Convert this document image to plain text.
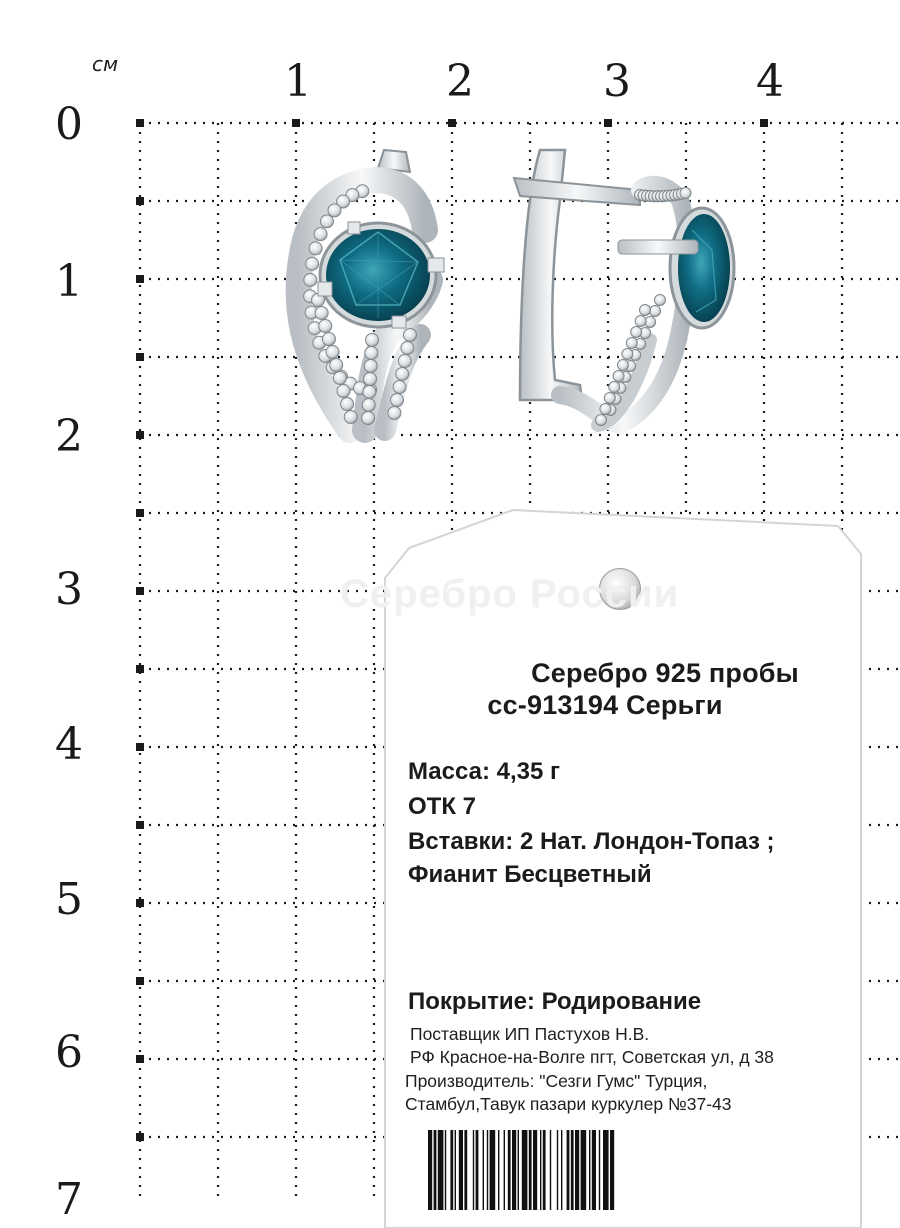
см	1	2	3	4
0
1
2
3
4
5
6
7
Серебро 925 пробы
сс-913194 Серьги
Масса: 4,35 г
ОТК 7
Вставки: 2 Нат. Лондон-Топаз ;
Фианит Бесцветный
Покрытие: Родирование
Поставщик ИП Пастухов Н.В.
РФ Красное-на-Волге пгт, Советская ул, д 38
Производитель: "Сезги Гумс" Турция,
Стамбул,Тавук пазари куркулер №37-43
Серебро России
